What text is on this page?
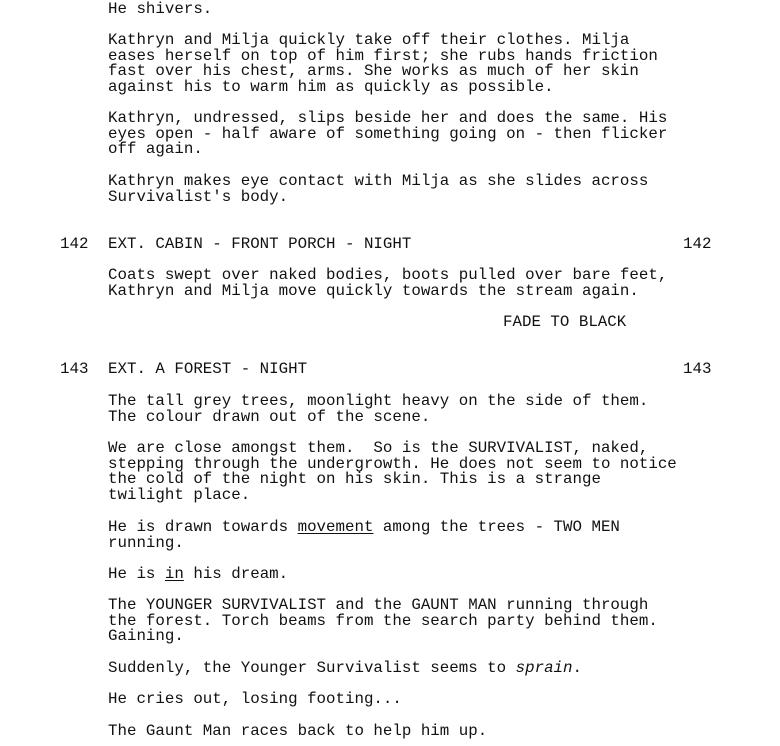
He shivers.
Kathryn and Milja quickly take off their clothes. Milja
eases herself on top of him first; she rubs hands friction
fast over his chest, arms. She works as much of her skin
against his to warm him as quickly as possible.
Kathryn, undressed, slips beside her and does the same. His
eyes open - half aware of something going on - then flicker
off again.
Kathryn makes eye contact with Milja as she slides across
Survivalist's body.
142 EXT. CABIN - FRONT PORCH - NIGHT	142
Coats swept over naked bodies, boots pulled over bare feet,
Kathryn and Milja move quickly towards the stream again.
FADE TO BLACK
143 EXT. A FOREST - NIGHT	143
The tall grey trees, moonlight heavy on the side of them.
The colour drawn out of the scene.
We are close amongst them.  So is the SURVIVALIST, naked,
stepping through the undergrowth. He does not seem to notice
the cold of the night on his skin. This is a strange
twilight place.
He is drawn towards movement among the trees - TWO MEN
running.
He is in his dream.
The YOUNGER SURVIVALIST and the GAUNT MAN running through
the forest. Torch beams from the search party behind them.
Gaining.
Suddenly, the Younger Survivalist seems to sprain.
He cries out, losing footing...
The Gaunt Man races back to help him up.
